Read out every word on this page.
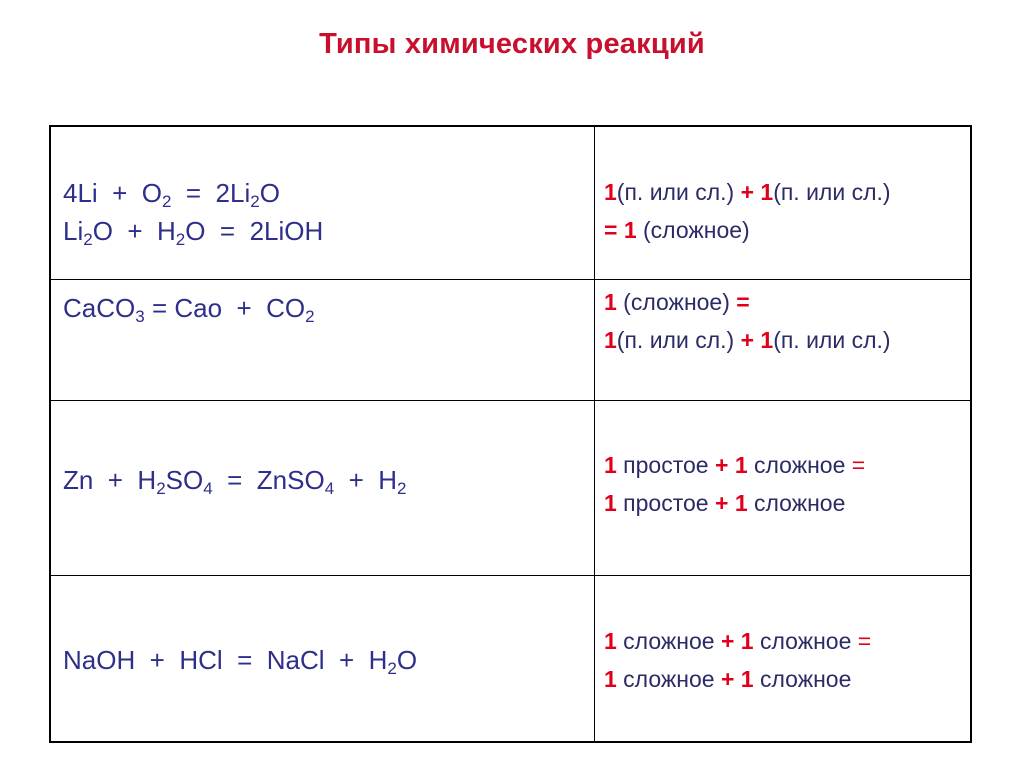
Типы химических реакций
$4Li + O_2 = 2Li_2O$
$Li_2O + H_2O$  =  2LiOH
1(п. или сл.) + 1(п. или сл.)
= 1 (сложное)
CaCO$_3$ = Cao  +  $CO_2$
1 (сложное) =
1(п. или сл.) + 1(п. или сл.)
$Zn + H_2SO_4$  =  ZnSO$_4$  +  $H_2$
1 простое + 1 сложное =
1 простое + 1 сложное
NaOH  +  HCl  =  NaCl  +  $H_2O$
1 сложное + 1 сложное =
1 сложное + 1 сложное
